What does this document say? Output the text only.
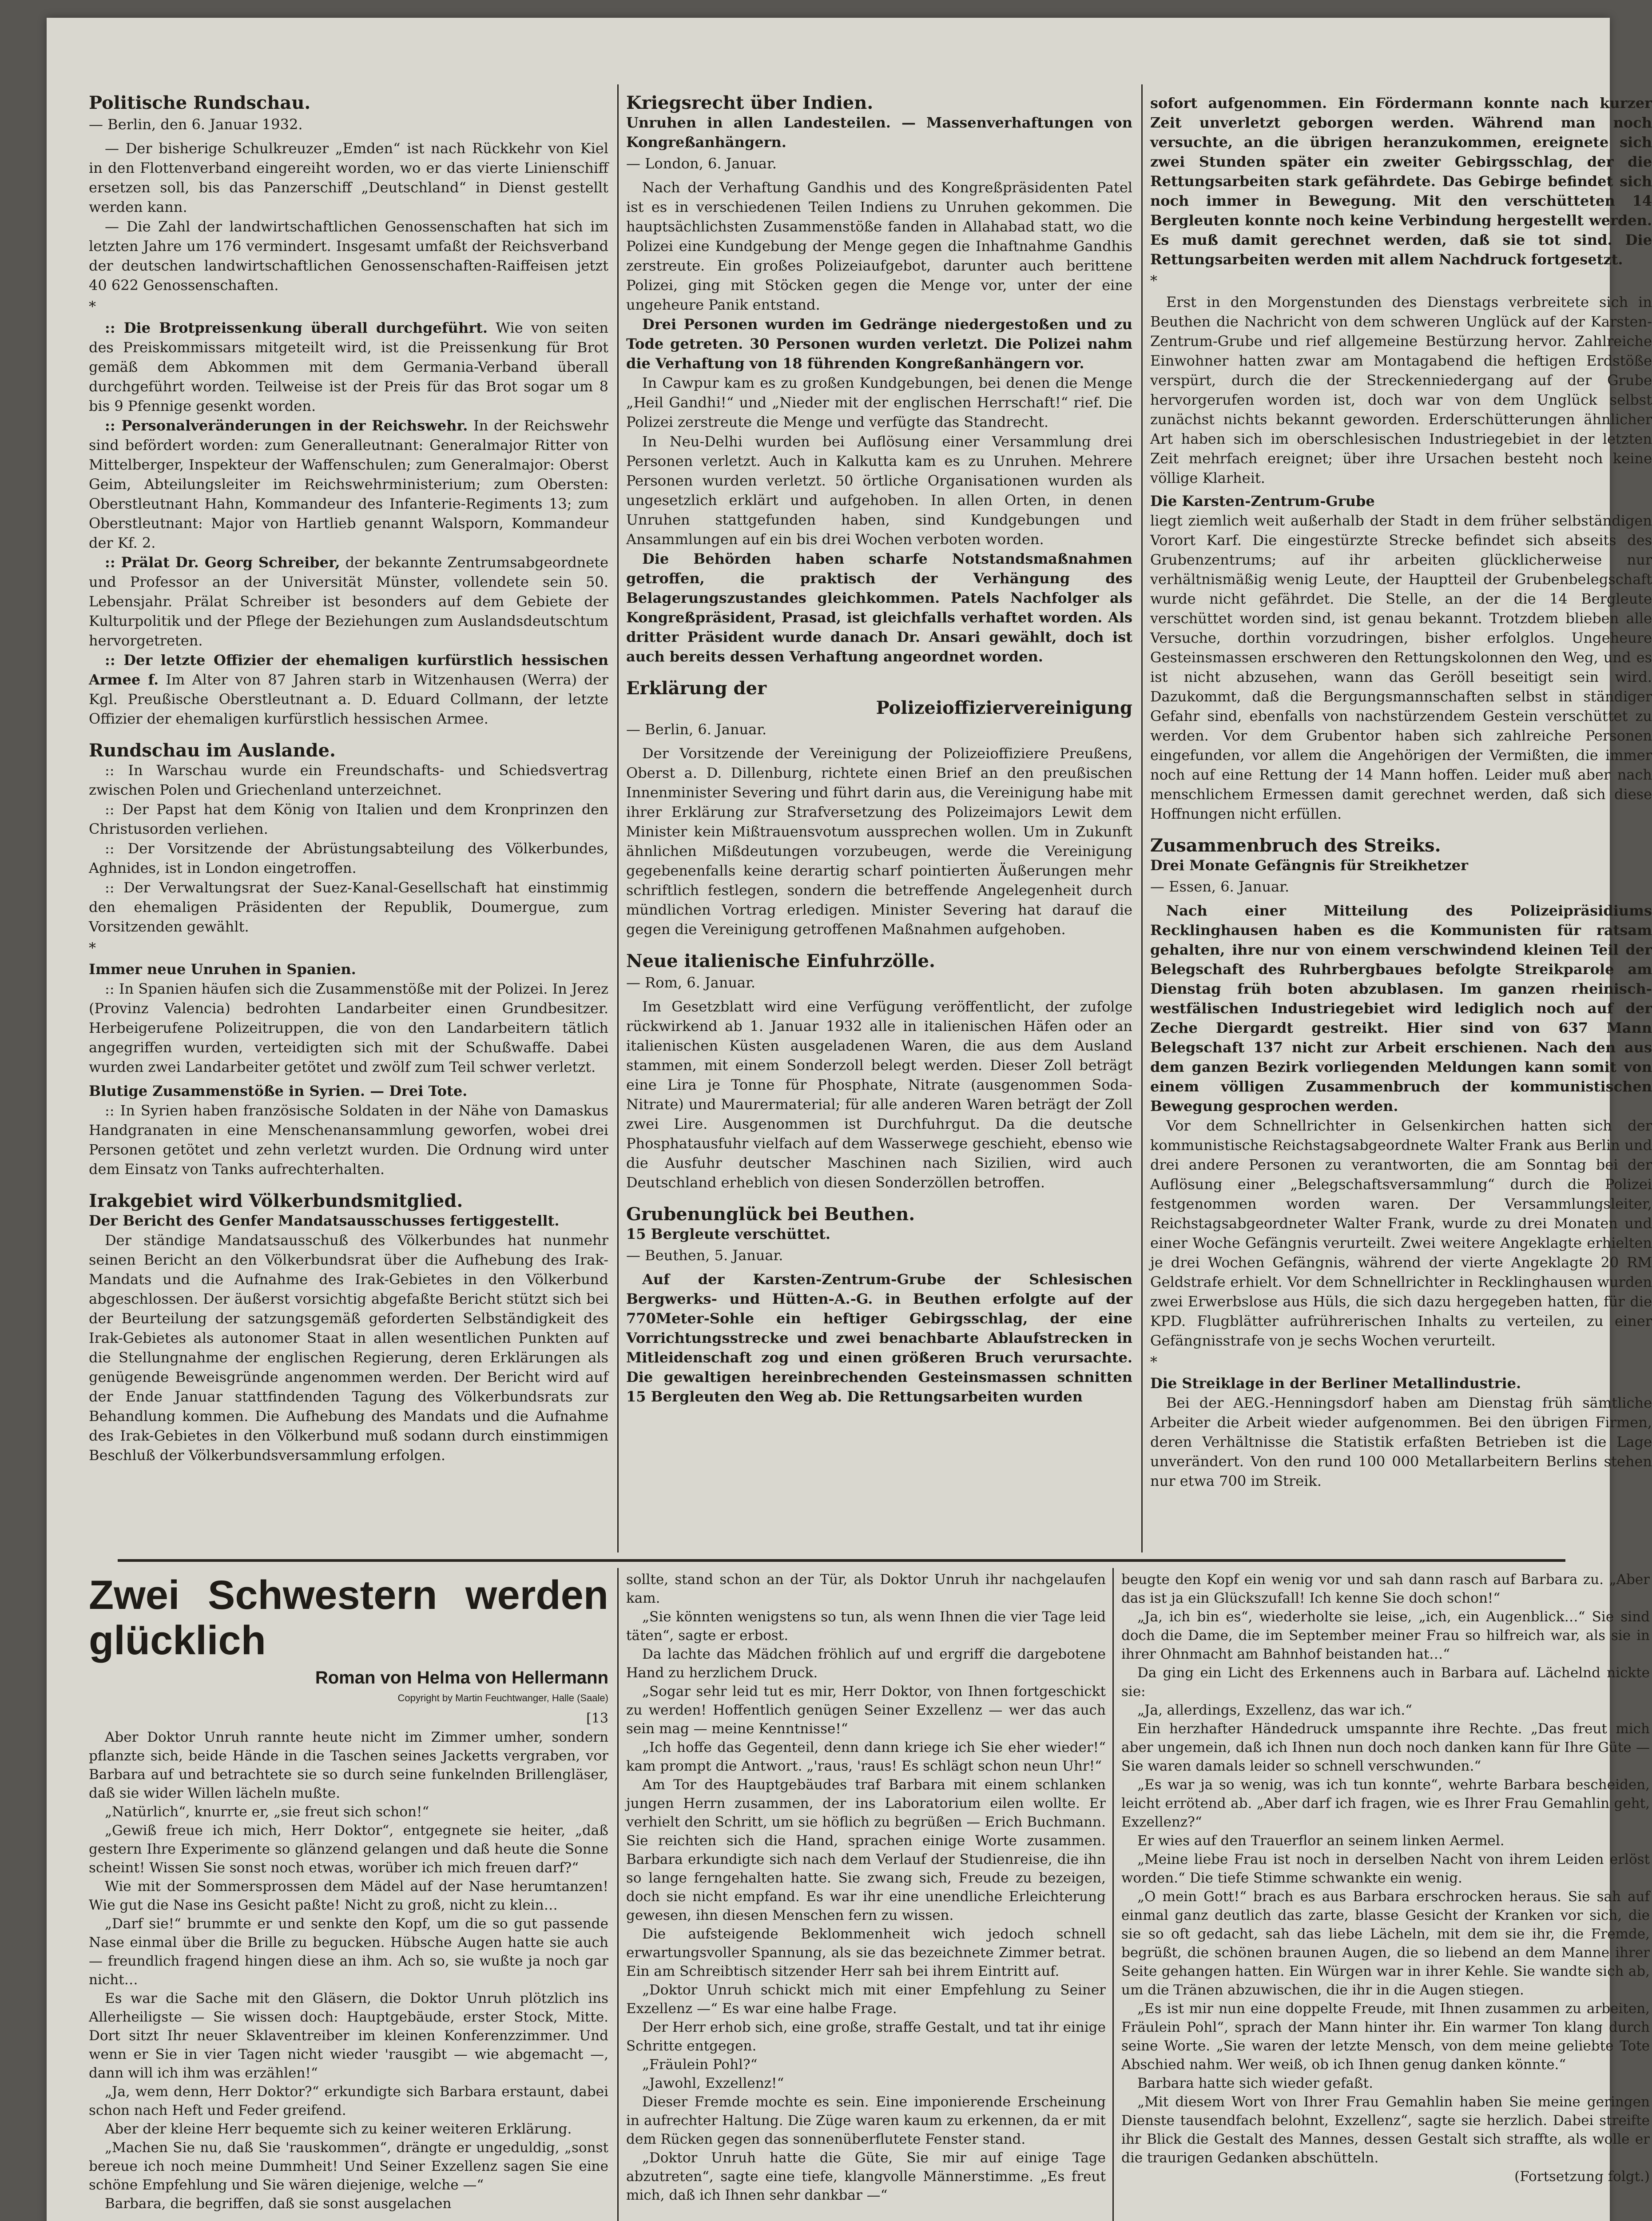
Politische Rundschau.

— Berlin, den 6. Januar 1932.

— Der bisherige Schulkreuzer „Emden“ ist nach Rückkehr von Kiel in den Flottenverband eingereiht worden, wo er das vierte Linienschiff ersetzen soll, bis das Panzerschiff „Deutschland“ in Dienst gestellt werden kann.

— Die Zahl der landwirtschaftlichen Genossenschaften hat sich im letzten Jahre um 176 vermindert. Insgesamt umfaßt der Reichsverband der deutschen landwirtschaftlichen Genossenschaften-Raiffeisen jetzt 40 622 Genossenschaften.

*

:: Die Brotpreissenkung überall durchgeführt. Wie von seiten des Preiskommissars mitgeteilt wird, ist die Preissenkung für Brot gemäß dem Abkommen mit dem Germania-Verband überall durchgeführt worden. Teilweise ist der Preis für das Brot sogar um 8 bis 9 Pfennige gesenkt worden.

:: Personalveränderungen in der Reichswehr. In der Reichswehr sind befördert worden: zum Generalleutnant: Generalmajor Ritter von Mittelberger, Inspekteur der Waffenschulen; zum Generalmajor: Oberst Geim, Abteilungsleiter im Reichswehrministerium; zum Obersten: Oberstleutnant Hahn, Kommandeur des Infanterie-Regiments 13; zum Oberstleutnant: Major von Hartlieb genannt Walsporn, Kommandeur der Kf. 2.

:: Prälat Dr. Georg Schreiber, der bekannte Zentrumsabgeordnete und Professor an der Universität Münster, vollendete sein 50. Lebensjahr. Prälat Schreiber ist besonders auf dem Gebiete der Kulturpolitik und der Pflege der Beziehungen zum Auslandsdeutschtum hervorgetreten.

:: Der letzte Offizier der ehemaligen kurfürstlich hessischen Armee f. Im Alter von 87 Jahren starb in Witzenhausen (Werra) der Kgl. Preußische Oberstleutnant a. D. Eduard Collmann, der letzte Offizier der ehemaligen kurfürstlich hessischen Armee.

Rundschau im Auslande.

:: In Warschau wurde ein Freundschafts- und Schiedsvertrag zwischen Polen und Griechenland unterzeichnet.

:: Der Papst hat dem König von Italien und dem Kronprinzen den Christusorden verliehen.

:: Der Vorsitzende der Abrüstungsabteilung des Völkerbundes, Aghnides, ist in London eingetroffen.

:: Der Verwaltungsrat der Suez-Kanal-Gesellschaft hat einstimmig den ehemaligen Präsidenten der Republik, Doumergue, zum Vorsitzenden gewählt.

*

Immer neue Unruhen in Spanien.

:: In Spanien häufen sich die Zusammenstöße mit der Polizei. In Jerez (Provinz Valencia) bedrohten Landarbeiter einen Grundbesitzer. Herbeigerufene Polizeitruppen, die von den Landarbeitern tätlich angegriffen wurden, verteidigten sich mit der Schußwaffe. Dabei wurden zwei Landarbeiter getötet und zwölf zum Teil schwer verletzt.

Blutige Zusammenstöße in Syrien. — Drei Tote.

:: In Syrien haben französische Soldaten in der Nähe von Damaskus Handgranaten in eine Menschenansammlung geworfen, wobei drei Personen getötet und zehn verletzt wurden. Die Ordnung wird unter dem Einsatz von Tanks aufrechterhalten.

Irakgebiet wird Völkerbundsmitglied.

Der Bericht des Genfer Mandatsausschusses fertiggestellt.

Der ständige Mandatsausschuß des Völkerbundes hat nunmehr seinen Bericht an den Völkerbundsrat über die Aufhebung des Irak-Mandats und die Aufnahme des Irak-Gebietes in den Völkerbund abgeschlossen. Der äußerst vorsichtig abgefaßte Bericht stützt sich bei der Beurteilung der satzungsgemäß geforderten Selbständigkeit des Irak-Gebietes als autonomer Staat in allen wesentlichen Punkten auf die Stellungnahme der englischen Regierung, deren Erklärungen als genügende Beweisgründe angenommen werden. Der Bericht wird auf der Ende Januar stattfindenden Tagung des Völkerbundsrats zur Behandlung kommen. Die Aufhebung des Mandats und die Aufnahme des Irak-Gebietes in den Völkerbund muß sodann durch einstimmigen Beschluß der Völkerbundsversammlung erfolgen.

Kriegsrecht über Indien.

Unruhen in allen Landesteilen. — Massenverhaftungen von Kongreßanhängern.

— London, 6. Januar.

Nach der Verhaftung Gandhis und des Kongreßpräsidenten Patel ist es in verschiedenen Teilen Indiens zu Unruhen gekommen. Die hauptsächlichsten Zusammenstöße fanden in Allahabad statt, wo die Polizei eine Kundgebung der Menge gegen die Inhaftnahme Gandhis zerstreute. Ein großes Polizeiaufgebot, darunter auch berittene Polizei, ging mit Stöcken gegen die Menge vor, unter der eine ungeheure Panik entstand.

Drei Personen wurden im Gedränge niedergestoßen und zu Tode getreten. 30 Personen wurden verletzt. Die Polizei nahm die Verhaftung von 18 führenden Kongreßanhängern vor.

In Cawpur kam es zu großen Kundgebungen, bei denen die Menge „Heil Gandhi!“ und „Nieder mit der englischen Herrschaft!“ rief. Die Polizei zerstreute die Menge und verfügte das Standrecht.

In Neu-Delhi wurden bei Auflösung einer Versammlung drei Personen verletzt. Auch in Kalkutta kam es zu Unruhen. Mehrere Personen wurden verletzt. 50 örtliche Organisationen wurden als ungesetzlich erklärt und aufgehoben. In allen Orten, in denen Unruhen stattgefunden haben, sind Kundgebungen und Ansammlungen auf ein bis drei Wochen verboten worden.

Die Behörden haben scharfe Notstandsmaßnahmen getroffen, die praktisch der Verhängung des Belagerungszustandes gleichkommen. Patels Nachfolger als Kongreßpräsident, Prasad, ist gleichfalls verhaftet worden. Als dritter Präsident wurde danach Dr. Ansari gewählt, doch ist auch bereits dessen Verhaftung angeordnet worden.

Erklärung der

Polizeioffiziervereinigung

— Berlin, 6. Januar.

Der Vorsitzende der Vereinigung der Polizeioffiziere Preußens, Oberst a. D. Dillenburg, richtete einen Brief an den preußischen Innenminister Severing und führt darin aus, die Vereinigung habe mit ihrer Erklärung zur Strafversetzung des Polizeimajors Lewit dem Minister kein Mißtrauensvotum aussprechen wollen. Um in Zukunft ähnlichen Mißdeutungen vorzubeugen, werde die Vereinigung gegebenenfalls keine derartig scharf pointierten Äußerungen mehr schriftlich festlegen, sondern die betreffende Angelegenheit durch mündlichen Vortrag erledigen. Minister Severing hat darauf die gegen die Vereinigung getroffenen Maßnahmen aufgehoben.

Neue italienische Einfuhrzölle.

— Rom, 6. Januar.

Im Gesetzblatt wird eine Verfügung veröffentlicht, der zufolge rückwirkend ab 1. Januar 1932 alle in italienischen Häfen oder an italienischen Küsten ausgeladenen Waren, die aus dem Ausland stammen, mit einem Sonderzoll belegt werden. Dieser Zoll beträgt eine Lira je Tonne für Phosphate, Nitrate (ausgenommen Soda-Nitrate) und Maurermaterial; für alle anderen Waren beträgt der Zoll zwei Lire. Ausgenommen ist Durchfuhrgut. Da die deutsche Phosphatausfuhr vielfach auf dem Wasserwege geschieht, ebenso wie die Ausfuhr deutscher Maschinen nach Sizilien, wird auch Deutschland erheblich von diesen Sonderzöllen betroffen.

Grubenunglück bei Beuthen.

15 Bergleute verschüttet.

— Beuthen, 5. Januar.

Auf der Karsten-Zentrum-Grube der Schlesischen Bergwerks- und Hütten-A.-G. in Beuthen erfolgte auf der 770Meter-Sohle ein heftiger Gebirgsschlag, der eine Vorrichtungsstrecke und zwei benachbarte Ablaufstrecken in Mitleidenschaft zog und einen größeren Bruch verursachte. Die gewaltigen hereinbrechenden Gesteinsmassen schnitten 15 Bergleuten den Weg ab. Die Rettungsarbeiten wurden

sofort aufgenommen. Ein Fördermann konnte nach kurzer Zeit unverletzt geborgen werden. Während man noch versuchte, an die übrigen heranzukommen, ereignete sich zwei Stunden später ein zweiter Gebirgsschlag, der die Rettungsarbeiten stark gefährdete. Das Gebirge befindet sich noch immer in Bewegung. Mit den verschütteten 14 Bergleuten konnte noch keine Verbindung hergestellt werden. Es muß damit gerechnet werden, daß sie tot sind. Die Rettungsarbeiten werden mit allem Nachdruck fortgesetzt.

*

Erst in den Morgenstunden des Dienstags verbreitete sich in Beuthen die Nachricht von dem schweren Unglück auf der Karsten-Zentrum-Grube und rief allgemeine Bestürzung hervor. Zahlreiche Einwohner hatten zwar am Montagabend die heftigen Erdstöße verspürt, durch die der Streckenniedergang auf der Grube hervorgerufen worden ist, doch war von dem Unglück selbst zunächst nichts bekannt geworden. Erderschütterungen ähnlicher Art haben sich im oberschlesischen Industriegebiet in der letzten Zeit mehrfach ereignet; über ihre Ursachen besteht noch keine völlige Klarheit.

Die Karsten-Zentrum-Grube

liegt ziemlich weit außerhalb der Stadt in dem früher selbständigen Vorort Karf. Die eingestürzte Strecke befindet sich abseits des Grubenzentrums; auf ihr arbeiten glücklicherweise nur verhältnismäßig wenig Leute, der Hauptteil der Grubenbelegschaft wurde nicht gefährdet. Die Stelle, an der die 14 Bergleute verschüttet worden sind, ist genau bekannt. Trotzdem blieben alle Versuche, dorthin vorzudringen, bisher erfolglos. Ungeheure Gesteinsmassen erschweren den Rettungskolonnen den Weg, und es ist nicht abzusehen, wann das Geröll beseitigt sein wird. Dazukommt, daß die Bergungsmannschaften selbst in ständiger Gefahr sind, ebenfalls von nachstürzendem Gestein verschüttet zu werden. Vor dem Grubentor haben sich zahlreiche Personen eingefunden, vor allem die Angehörigen der Vermißten, die immer noch auf eine Rettung der 14 Mann hoffen. Leider muß aber nach menschlichem Ermessen damit gerechnet werden, daß sich diese Hoffnungen nicht erfüllen.

Zusammenbruch des Streiks.

Drei Monate Gefängnis für Streikhetzer

— Essen, 6. Januar.

Nach einer Mitteilung des Polizeipräsidiums Recklinghausen haben es die Kommunisten für ratsam gehalten, ihre nur von einem verschwindend kleinen Teil der Belegschaft des Ruhrbergbaues befolgte Streikparole am Dienstag früh boten abzublasen. Im ganzen rheinisch-westfälischen Industriegebiet wird lediglich noch auf der Zeche Diergardt gestreikt. Hier sind von 637 Mann Belegschaft 137 nicht zur Arbeit erschienen. Nach den aus dem ganzen Bezirk vorliegenden Meldungen kann somit von einem völligen Zusammenbruch der kommunistischen Bewegung gesprochen werden.

Vor dem Schnellrichter in Gelsenkirchen hatten sich der kommunistische Reichstagsabgeordnete Walter Frank aus Berlin und drei andere Personen zu verantworten, die am Sonntag bei der Auflösung einer „Belegschaftsversammlung“ durch die Polizei festgenommen worden waren. Der Versammlungsleiter, Reichstagsabgeordneter Walter Frank, wurde zu drei Monaten und einer Woche Gefängnis verurteilt. Zwei weitere Angeklagte erhielten je drei Wochen Gefängnis, während der vierte Angeklagte 20 RM Geldstrafe erhielt. Vor dem Schnellrichter in Recklinghausen wurden zwei Erwerbslose aus Hüls, die sich dazu hergegeben hatten, für die KPD. Flugblätter aufrührerischen Inhalts zu verteilen, zu einer Gefängnisstrafe von je sechs Wochen verurteilt.

*

Die Streiklage in der Berliner Metallindustrie.

Bei der AEG.-Henningsdorf haben am Dienstag früh sämtliche Arbeiter die Arbeit wieder aufgenommen. Bei den übrigen Firmen, deren Verhältnisse die Statistik erfaßten Betrieben ist die Lage unverändert. Von den rund 100 000 Metallarbeitern Berlins stehen nur etwa 700 im Streik.

Zwei Schwestern werden glücklich

Roman von Helma von Hellermann

Copyright by Martin Feuchtwanger, Halle (Saale)

[13

Aber Doktor Unruh rannte heute nicht im Zimmer umher, sondern pflanzte sich, beide Hände in die Taschen seines Jacketts vergraben, vor Barbara auf und betrachtete sie so durch seine funkelnden Brillengläser, daß sie wider Willen lächeln mußte.

„Natürlich“, knurrte er, „sie freut sich schon!“

„Gewiß freue ich mich, Herr Doktor“, entgegnete sie heiter, „daß gestern Ihre Experimente so glänzend gelangen und daß heute die Sonne scheint! Wissen Sie sonst noch etwas, worüber ich mich freuen darf?“

Wie mit der Sommersprossen dem Mädel auf der Nase herumtanzen! Wie gut die Nase ins Gesicht paßte! Nicht zu groß, nicht zu klein…

„Darf sie!“ brummte er und senkte den Kopf, um die so gut passende Nase einmal über die Brille zu begucken. Hübsche Augen hatte sie auch — freundlich fragend hingen diese an ihm. Ach so, sie wußte ja noch gar nicht…

Es war die Sache mit den Gläsern, die Doktor Unruh plötzlich ins Allerheiligste — Sie wissen doch: Hauptgebäude, erster Stock, Mitte. Dort sitzt Ihr neuer Sklaventreiber im kleinen Konferenzzimmer. Und wenn er Sie in vier Tagen nicht wieder 'rausgibt — wie abgemacht —, dann will ich ihm was erzählen!“

„Ja, wem denn, Herr Doktor?“ erkundigte sich Barbara erstaunt, dabei schon nach Heft und Feder greifend.

Aber der kleine Herr bequemte sich zu keiner weiteren Erklärung.

„Machen Sie nu, daß Sie 'rauskommen“, drängte er ungeduldig, „sonst bereue ich noch meine Dummheit! Und Seiner Exzellenz sagen Sie eine schöne Empfehlung und Sie wären diejenige, welche —“

Barbara, die begriffen, daß sie sonst ausgelachen

sollte, stand schon an der Tür, als Doktor Unruh ihr nachgelaufen kam.

„Sie könnten wenigstens so tun, als wenn Ihnen die vier Tage leid täten“, sagte er erbost.

Da lachte das Mädchen fröhlich auf und ergriff die dargebotene Hand zu herzlichem Druck.

„Sogar sehr leid tut es mir, Herr Doktor, von Ihnen fortgeschickt zu werden! Hoffentlich genügen Seiner Exzellenz — wer das auch sein mag — meine Kenntnisse!“

„Ich hoffe das Gegenteil, denn dann kriege ich Sie eher wieder!“ kam prompt die Antwort. „'raus, 'raus! Es schlägt schon neun Uhr!“

Am Tor des Hauptgebäudes traf Barbara mit einem schlanken jungen Herrn zusammen, der ins Laboratorium eilen wollte. Er verhielt den Schritt, um sie höflich zu begrüßen — Erich Buchmann. Sie reichten sich die Hand, sprachen einige Worte zusammen. Barbara erkundigte sich nach dem Verlauf der Studienreise, die ihn so lange ferngehalten hatte. Sie zwang sich, Freude zu bezeigen, doch sie nicht empfand. Es war ihr eine unendliche Erleichterung gewesen, ihn diesen Menschen fern zu wissen.

Die aufsteigende Beklommenheit wich jedoch schnell erwartungsvoller Spannung, als sie das bezeichnete Zimmer betrat. Ein am Schreibtisch sitzender Herr sah bei ihrem Eintritt auf.

„Doktor Unruh schickt mich mit einer Empfehlung zu Seiner Exzellenz —“ Es war eine halbe Frage.

Der Herr erhob sich, eine große, straffe Gestalt, und tat ihr einige Schritte entgegen.

„Fräulein Pohl?“

„Jawohl, Exzellenz!“

Dieser Fremde mochte es sein. Eine imponierende Erscheinung in aufrechter Haltung. Die Züge waren kaum zu erkennen, da er mit dem Rücken gegen das sonnenüberflutete Fenster stand.

„Doktor Unruh hatte die Güte, Sie mir auf einige Tage abzutreten“, sagte eine tiefe, klangvolle Männerstimme. „Es freut mich, daß ich Ihnen sehr dankbar —“

beugte den Kopf ein wenig vor und sah dann rasch auf Barbara zu. „Aber das ist ja ein Glückszufall! Ich kenne Sie doch schon!“

„Ja, ich bin es“, wiederholte sie leise, „ich, ein Augenblick…“ Sie sind doch die Dame, die im September meiner Frau so hilfreich war, als sie in ihrer Ohnmacht am Bahnhof beistanden hat…“

Da ging ein Licht des Erkennens auch in Barbara auf. Lächelnd nickte sie:

„Ja, allerdings, Exzellenz, das war ich.“

Ein herzhafter Händedruck umspannte ihre Rechte. „Das freut mich aber ungemein, daß ich Ihnen nun doch noch danken kann für Ihre Güte — Sie waren damals leider so schnell verschwunden.“

„Es war ja so wenig, was ich tun konnte“, wehrte Barbara bescheiden, leicht errötend ab. „Aber darf ich fragen, wie es Ihrer Frau Gemahlin geht, Exzellenz?“

Er wies auf den Trauerflor an seinem linken Aermel.

„Meine liebe Frau ist noch in derselben Nacht von ihrem Leiden erlöst worden.“ Die tiefe Stimme schwankte ein wenig.

„O mein Gott!“ brach es aus Barbara erschrocken heraus. Sie sah auf einmal ganz deutlich das zarte, blasse Gesicht der Kranken vor sich, die sie so oft gedacht, sah das liebe Lächeln, mit dem sie ihr, die Fremde, begrüßt, die schönen braunen Augen, die so liebend an dem Manne ihrer Seite gehangen hatten. Ein Würgen war in ihrer Kehle. Sie wandte sich ab, um die Tränen abzuwischen, die ihr in die Augen stiegen.

„Es ist mir nun eine doppelte Freude, mit Ihnen zusammen zu arbeiten, Fräulein Pohl“, sprach der Mann hinter ihr. Ein warmer Ton klang durch seine Worte. „Sie waren der letzte Mensch, von dem meine geliebte Tote Abschied nahm. Wer weiß, ob ich Ihnen genug danken könnte.“

Barbara hatte sich wieder gefaßt.

„Mit diesem Wort von Ihrer Frau Gemahlin haben Sie meine geringen Dienste tausendfach belohnt, Exzellenz“, sagte sie herzlich. Dabei streifte ihr Blick die Gestalt des Mannes, dessen Gestalt sich straffte, als wolle er die traurigen Gedanken abschütteln.

(Fortsetzung folgt.)
